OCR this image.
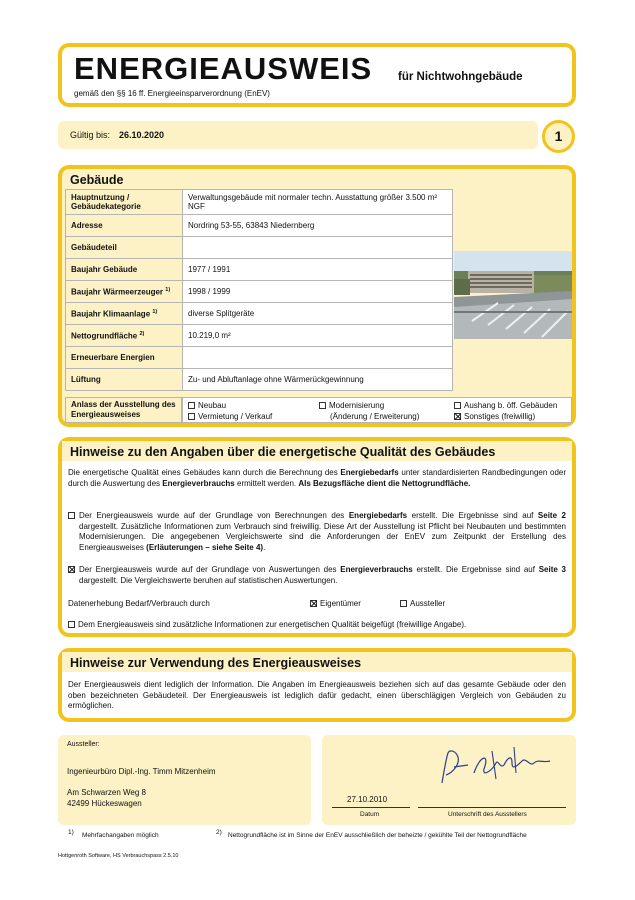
ENERGIEAUSWEIS für Nichtwohngebäude
gemäß den §§ 16 ff. Energieeinsparverordnung (EnEV)
Gültig bis: 26.10.2020	1
Gebäude
Hauptnutzung / Gebäudekategorie	Verwaltungsgebäude mit normaler techn. Ausstattung größer 3.500 m² NGF
Adresse	Nordring 53-55, 63843 Niedernberg
Gebäudeteil	
Baujahr Gebäude	1977 / 1991
Baujahr Wärmeerzeuger $^{1)}$	1998 / 1999
Baujahr Klimaanlage $^{1)}$	diverse Splitgeräte
Nettogrundfläche $^{2)}$	10.219,0 m²
Erneuerbare Energien	
Lüftung	Zu- und Abluftanlage ohne Wärmerückgewinnung
Anlass der Ausstellung des Energieausweises
Neubau
Vermietung / Verkauf
Modernisierung
(Änderung / Erweiterung)
Aushang b. öff. Gebäuden
Sonstiges (freiwillig)
Hinweise zu den Angaben über die energetische Qualität des Gebäudes
Die energetische Qualität eines Gebäudes kann durch die Berechnung des Energiebedarfs unter standardisierten Randbedingungen oder durch die Auswertung des Energieverbrauchs ermittelt werden. Als Bezugsfläche dient die Nettogrundfläche.
Der Energieausweis wurde auf der Grundlage von Berechnungen des Energiebedarfs erstellt. Die Ergebnisse sind auf Seite 2 dargestellt. Zusätzliche Informationen zum Verbrauch sind freiwillig. Diese Art der Ausstellung ist Pflicht bei Neubauten und bestimmten Modernisierungen. Die angegebenen Vergleichswerte sind die Anforderungen der EnEV zum Zeitpunkt der Erstellung des Energieausweises (Erläuterungen – siehe Seite 4).
Der Energieausweis wurde auf der Grundlage von Auswertungen des Energieverbrauchs erstellt. Die Ergebnisse sind auf Seite 3 dargestellt. Die Vergleichswerte beruhen auf statistischen Auswertungen.
Datenerhebung Bedarf/Verbrauch durch	Eigentümer	Aussteller
Dem Energieausweis sind zusätzliche Informationen zur energetischen Qualität beigefügt (freiwillige Angabe).
Hinweise zur Verwendung des Energieausweises
Der Energieausweis dient lediglich der Information. Die Angaben im Energieausweis beziehen sich auf das gesamte Gebäude oder den oben bezeichneten Gebäudeteil. Der Energieausweis ist lediglich dafür gedacht, einen überschlägigen Vergleich von Gebäuden zu ermöglichen.
Aussteller:
Ingenieurbüro Dipl.-Ing. Timm Mitzenheim
Am Schwarzen Weg 8
42499 Hückeswagen	27.10.2010
Datum	Unterschrift des Ausstellers
1) Mehrfachangaben möglich	2) Nettogrundfläche ist im Sinne der EnEV ausschließlich der beheizte / gekühlte Teil der Nettogrundfläche
Hottgenroth Software, HS Verbrauchspass 2.5.10
